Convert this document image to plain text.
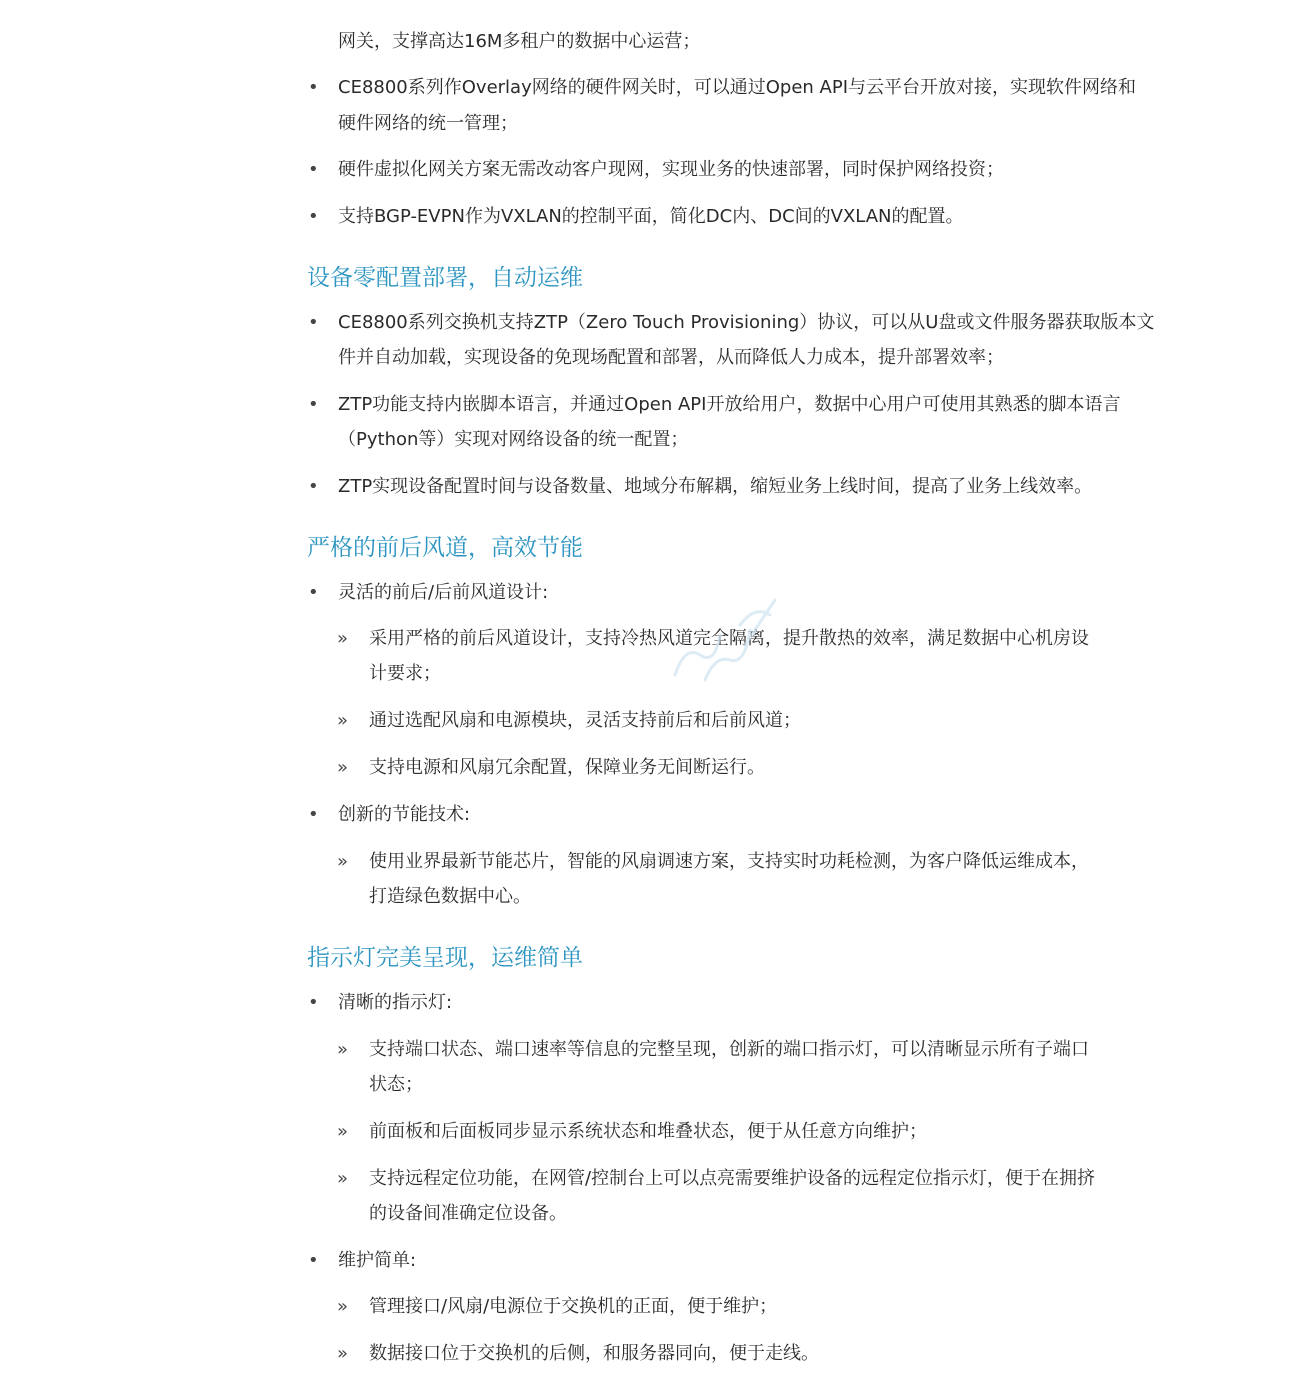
网关，支撑高达16M多租户的数据中心运营；
• CE8800系列作Overlay网络的硬件网关时，可以通过Open API与云平台开放对接，实现软件网络和
硬件网络的统一管理；
• 硬件虚拟化网关方案无需改动客户现网，实现业务的快速部署，同时保护网络投资；
• 支持BGP-EVPN作为VXLAN的控制平面，简化DC内、DC间的VXLAN的配置。
设备零配置部署，自动运维
• CE8800系列交换机支持ZTP（Zero Touch Provisioning）协议，可以从U盘或文件服务器获取版本文
件并自动加载，实现设备的免现场配置和部署，从而降低人力成本，提升部署效率；
• ZTP功能支持内嵌脚本语言，并通过Open API开放给用户，数据中心用户可使用其熟悉的脚本语言
（Python等）实现对网络设备的统一配置；
• ZTP实现设备配置时间与设备数量、地域分布解耦，缩短业务上线时间，提高了业务上线效率。
严格的前后风道，高效节能
• 灵活的前后/后前风道设计:
» 采用严格的前后风道设计，支持冷热风道完全隔离，提升散热的效率，满足数据中心机房设
计要求；
» 通过选配风扇和电源模块，灵活支持前后和后前风道；
» 支持电源和风扇冗余配置，保障业务无间断运行。
• 创新的节能技术:
» 使用业界最新节能芯片，智能的风扇调速方案，支持实时功耗检测，为客户降低运维成本，
打造绿色数据中心。
指示灯完美呈现，运维简单
• 清晰的指示灯:
» 支持端口状态、端口速率等信息的完整呈现，创新的端口指示灯，可以清晰显示所有子端口
状态；
» 前面板和后面板同步显示系统状态和堆叠状态，便于从任意方向维护；
» 支持远程定位功能，在网管/控制台上可以点亮需要维护设备的远程定位指示灯，便于在拥挤
的设备间准确定位设备。
• 维护简单:
» 管理接口/风扇/电源位于交换机的正面，便于维护；
» 数据接口位于交换机的后侧，和服务器同向，便于走线。
